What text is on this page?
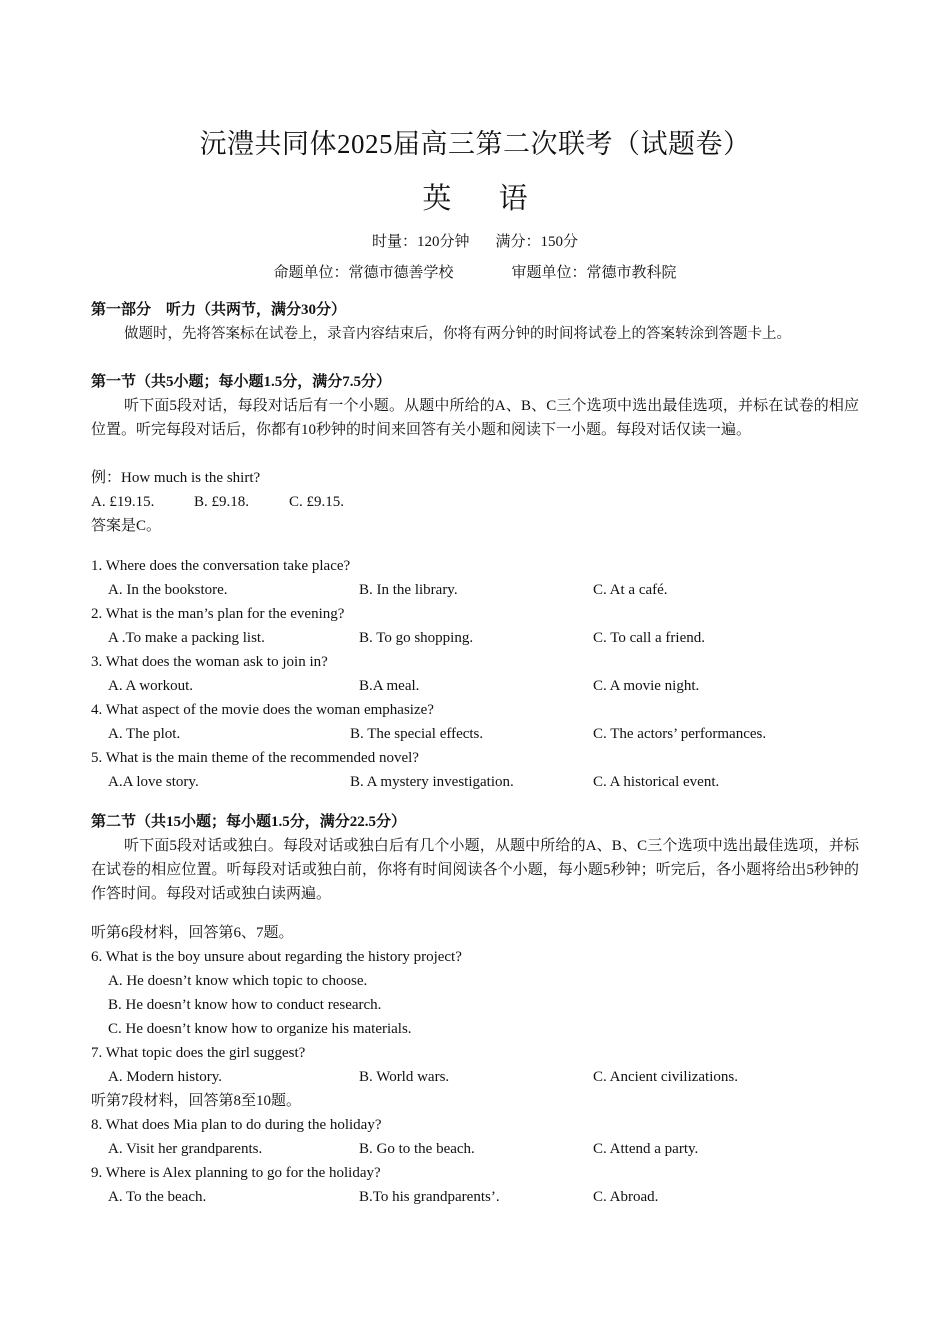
沅澧共同体2025届高三第二次联考（试题卷）
英 语
时量：120分钟 满分：150分
命题单位：常德市德善学校	审题单位：常德市教科院
第一部分　听力（共两节，满分30分）
做题时，先将答案标在试卷上，录音内容结束后，你将有两分钟的时间将试卷上的答案转涂到答题卡上。
第一节（共5小题；每小题1.5分，满分7.5分）
听下面5段对话，每段对话后有一个小题。从题中所给的A、B、C三个选项中选出最佳选项，并标在试卷的相应位置。听完每段对话后，你都有10秒钟的时间来回答有关小题和阅读下一小题。每段对话仅读一遍。
例：How much is the shirt?
A. £19.15.	B. £9.18.	C. £9.15.
答案是C。
1. Where does the conversation take place?
A. In the bookstore.	B. In the library.	C. At a café.
2. What is the man’s plan for the evening?
A .To make a packing list.	B. To go shopping.	C. To call a friend.
3. What does the woman ask to join in?
A. A workout.	B.A meal.	C. A movie night.
4. What aspect of the movie does the woman emphasize?
A. The plot.	B. The special effects.	C. The actors’ performances.
5. What is the main theme of the recommended novel?
A.A love story.	B. A mystery investigation.	C. A historical event.
第二节（共15小题；每小题1.5分，满分22.5分）
听下面5段对话或独白。每段对话或独白后有几个小题，从题中所给的A、B、C三个选项中选出最佳选项，并标在试卷的相应位置。听每段对话或独白前，你将有时间阅读各个小题，每小题5秒钟；听完后，各小题将给出5秒钟的作答时间。每段对话或独白读两遍。
听第6段材料，回答第6、7题。
6. What is the boy unsure about regarding the history project?
A. He doesn’t know which topic to choose.
B. He doesn’t know how to conduct research.
C. He doesn’t know how to organize his materials.
7. What topic does the girl suggest?
A. Modern history.	B. World wars.	C. Ancient civilizations.
听第7段材料，回答第8至10题。
8. What does Mia plan to do during the holiday?
A. Visit her grandparents.	B. Go to the beach.	C. Attend a party.
9. Where is Alex planning to go for the holiday?
A. To the beach.	B.To his grandparents’.	C. Abroad.
